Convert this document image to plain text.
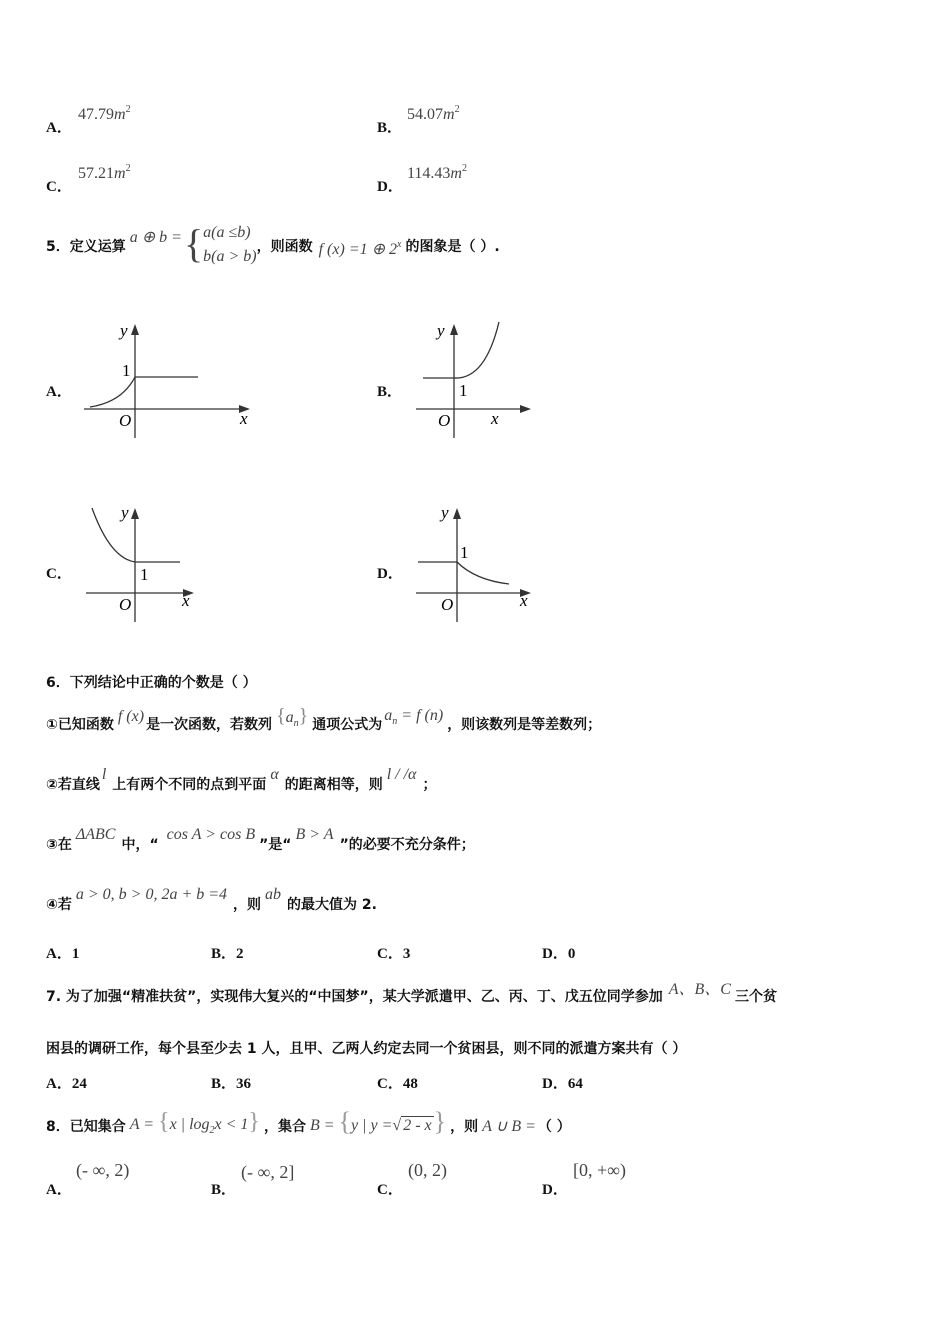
A．
$47.79m^2$
B．
$54.07m^2$
C．
$57.21m^2$
D．
$114.43m^2$
5． 定义运算
a ⊕ b = { a(a ≤b)
b(a > b)
，则函数 f (x) =1 ⊕ 2$^x$ 的图象是（ ）.
A．
y
1
O	x
B．
y
1
O x
C．
y
1
O	x
D．
y
1
O	x
6．下列结论中正确的个数是（ ）
①已知函数 f (x) 是一次函数，若数列 $\{a_n\}$ 通项公式为
$a_n = f$ (n)
，则该数列是等差数列；
②若直线
l
上有两个不同的点到平面
α
的距离相等，则
l / /α
；
③在
ΔABC
中，“
cos A > cos B
”是“
B > A
”的必要不充分条件；
④若
a > 0, b > 0, 2a + b =4
，则
ab
的最大值为 2.
A．1	B．2	C．3	D．0
7. 为了加强“精准扶贫”，实现伟大复兴的“中国梦”，某大学派遣甲、乙、丙、丁、戊五位同学参加 A、B、C 三个贫
困县的调研工作，每个县至少去 1 人，且甲、乙两人约定去同一个贫困县，则不同的派遣方案共有（ ）
A．24	B．36	C．48	D．64
8．已知集合 A = {x | $\log_2x < 1$} ，集合 B = {y | y =√ 2 - x} ，则 A ∪ B = （ ）
A．
(- ∞, 2)
B．
(- ∞, 2]
C．
(0, 2)
D．
[0, +∞)
